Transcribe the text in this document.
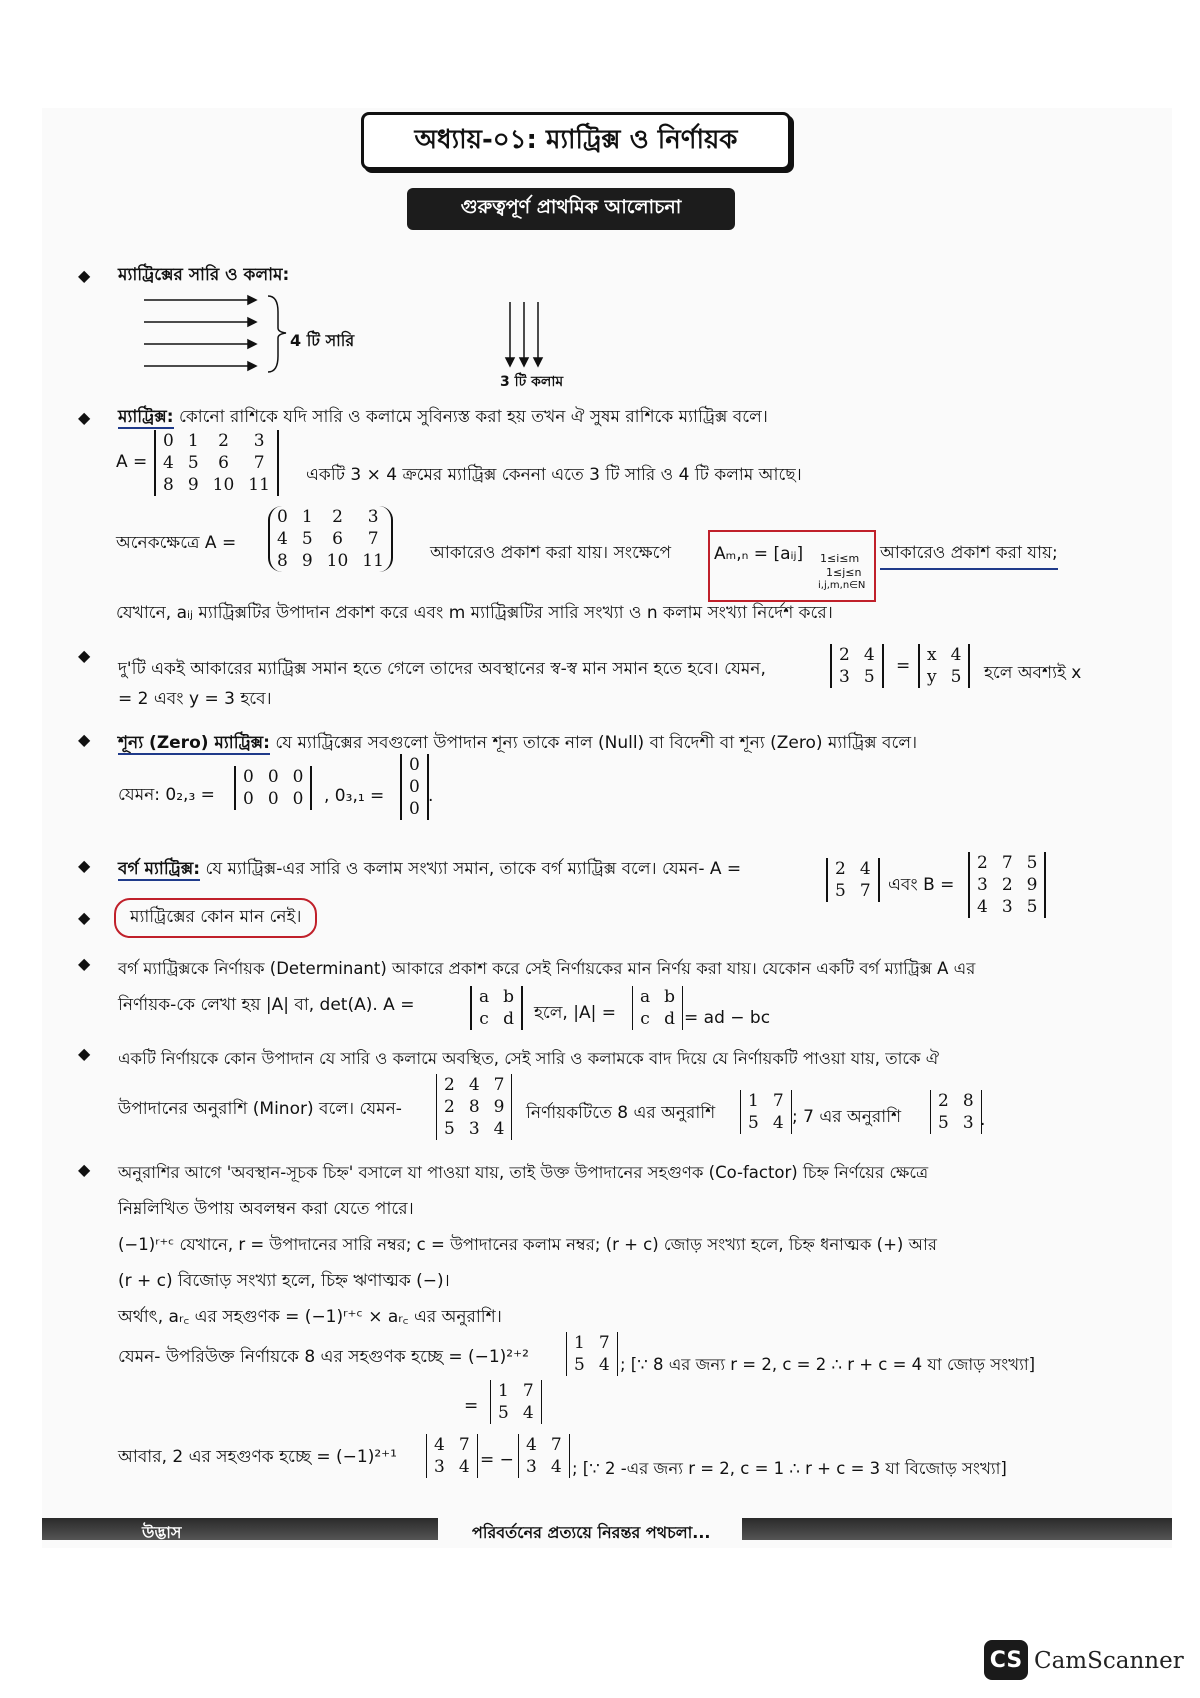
অধ্যায়-০১: ম্যাট্রিক্স ও নির্ণায়ক
গুরুত্বপূর্ণ প্রাথমিক আলোচনা
◆ ম্যাট্রিক্সের সারি ও কলাম:
4 টি সারি
3 টি কলাম
◆ ম্যাট্রিক্স: কোনো রাশিকে যদি সারি ও কলামে সুবিন্যস্ত করা হয় তখন ঐ সুষম রাশিকে ম্যাট্রিক্স বলে।
A =
0	1	2	3
4	5	6	7
8	9	10	11 একটি 3 × 4 ক্রমের ম্যাট্রিক্স কেননা এতে 3 টি সারি ও 4 টি কলাম আছে।
অনেকক্ষেত্রে A =
0	1	2	3
4	5	6	7
8	9	10	11	আকারেও প্রকাশ করা যায়। সংক্ষেপে	Aₘ,ₙ = [aᵢⱼ] 1≤i≤m
1≤j≤n
i,j,m,n∈N
আকারেও প্রকাশ করা যায়;
যেখানে, aᵢⱼ ম্যাট্রিক্সটির উপাদান প্রকাশ করে এবং m ম্যাট্রিক্সটির সারি সংখ্যা ও n কলাম সংখ্যা নির্দেশ করে।
◆
দু'টি একই আকারের ম্যাট্রিক্স সমান হতে গেলে তাদের অবস্থানের স্ব-স্ব মান সমান হতে হবে। যেমন,
2	4
3	5
=
x	4
y	5 হলে অবশ্যই x
= 2 এবং y = 3 হবে।
◆ শূন্য (Zero) ম্যাট্রিক্স: যে ম্যাট্রিক্সের সবগুলো উপাদান শূন্য তাকে নাল (Null) বা বিদেশী বা শূন্য (Zero) ম্যাট্রিক্স বলে।
যেমন: 0₂,₃ =
0	0	0
0	0	0 , 0₃,₁ =
0
0
0
.
◆ বর্গ ম্যাট্রিক্স: যে ম্যাট্রিক্স-এর সারি ও কলাম সংখ্যা সমান, তাকে বর্গ ম্যাট্রিক্স বলে। যেমন- A =	2	4
5	7 এবং B =
2	7	5
3	2	9
4	3	5
◆	ম্যাট্রিক্সের কোন মান নেই।
◆ বর্গ ম্যাট্রিক্সকে নির্ণায়ক (Determinant) আকারে প্রকাশ করে সেই নির্ণায়কের মান নির্ণয় করা যায়। যেকোন একটি বর্গ ম্যাট্রিক্স A এর
নির্ণায়ক-কে লেখা হয় |A| বা, det(A). A =	a	b
c	d হলে, |A| =
a	b
c	d = ad − bc
◆ একটি নির্ণায়কে কোন উপাদান যে সারি ও কলামে অবস্থিত, সেই সারি ও কলামকে বাদ দিয়ে যে নির্ণায়কটি পাওয়া যায়, তাকে ঐ
উপাদানের অনুরাশি (Minor) বলে। যেমন-
2	4	7
2	8	9
5	3	4
নির্ণায়কটিতে 8 এর অনুরাশি
1	7
5	4 ; 7 এর অনুরাশি
2	8
5	3 .
◆ অনুরাশির আগে 'অবস্থান-সূচক চিহ্ন' বসালে যা পাওয়া যায়, তাই উক্ত উপাদানের সহগুণক (Co-factor) চিহ্ন নির্ণয়ের ক্ষেত্রে
নিম্নলিখিত উপায় অবলম্বন করা যেতে পারে।
(−1)ʳ⁺ᶜ যেখানে, r = উপাদানের সারি নম্বর; c = উপাদানের কলাম নম্বর; (r + c) জোড় সংখ্যা হলে, চিহ্ন ধনাত্মক (+) আর
(r + c) বিজোড় সংখ্যা হলে, চিহ্ন ঋণাত্মক (−)।
অর্থাৎ, aᵣ꜀ এর সহগুণক = (−1)ʳ⁺ᶜ × aᵣ꜀ এর অনুরাশি।
যেমন- উপরিউক্ত নির্ণায়কে 8 এর সহগুণক হচ্ছে = (−1)²⁺²
1	7
5	4 ; [∵ 8 এর জন্য r = 2, c = 2 ∴ r + c = 4 যা জোড় সংখ্যা]
=
1	7
5	4
আবার, 2 এর সহগুণক হচ্ছে = (−1)²⁺¹
4	7
3	4 = −
4	7
3	4 ; [∵ 2 -এর জন্য r = 2, c = 1 ∴ r + c = 3 যা বিজোড় সংখ্যা]
উদ্ভাস	পরিবর্তনের প্রত্যয়ে নিরন্তর পথচলা...
CS CamScanner
